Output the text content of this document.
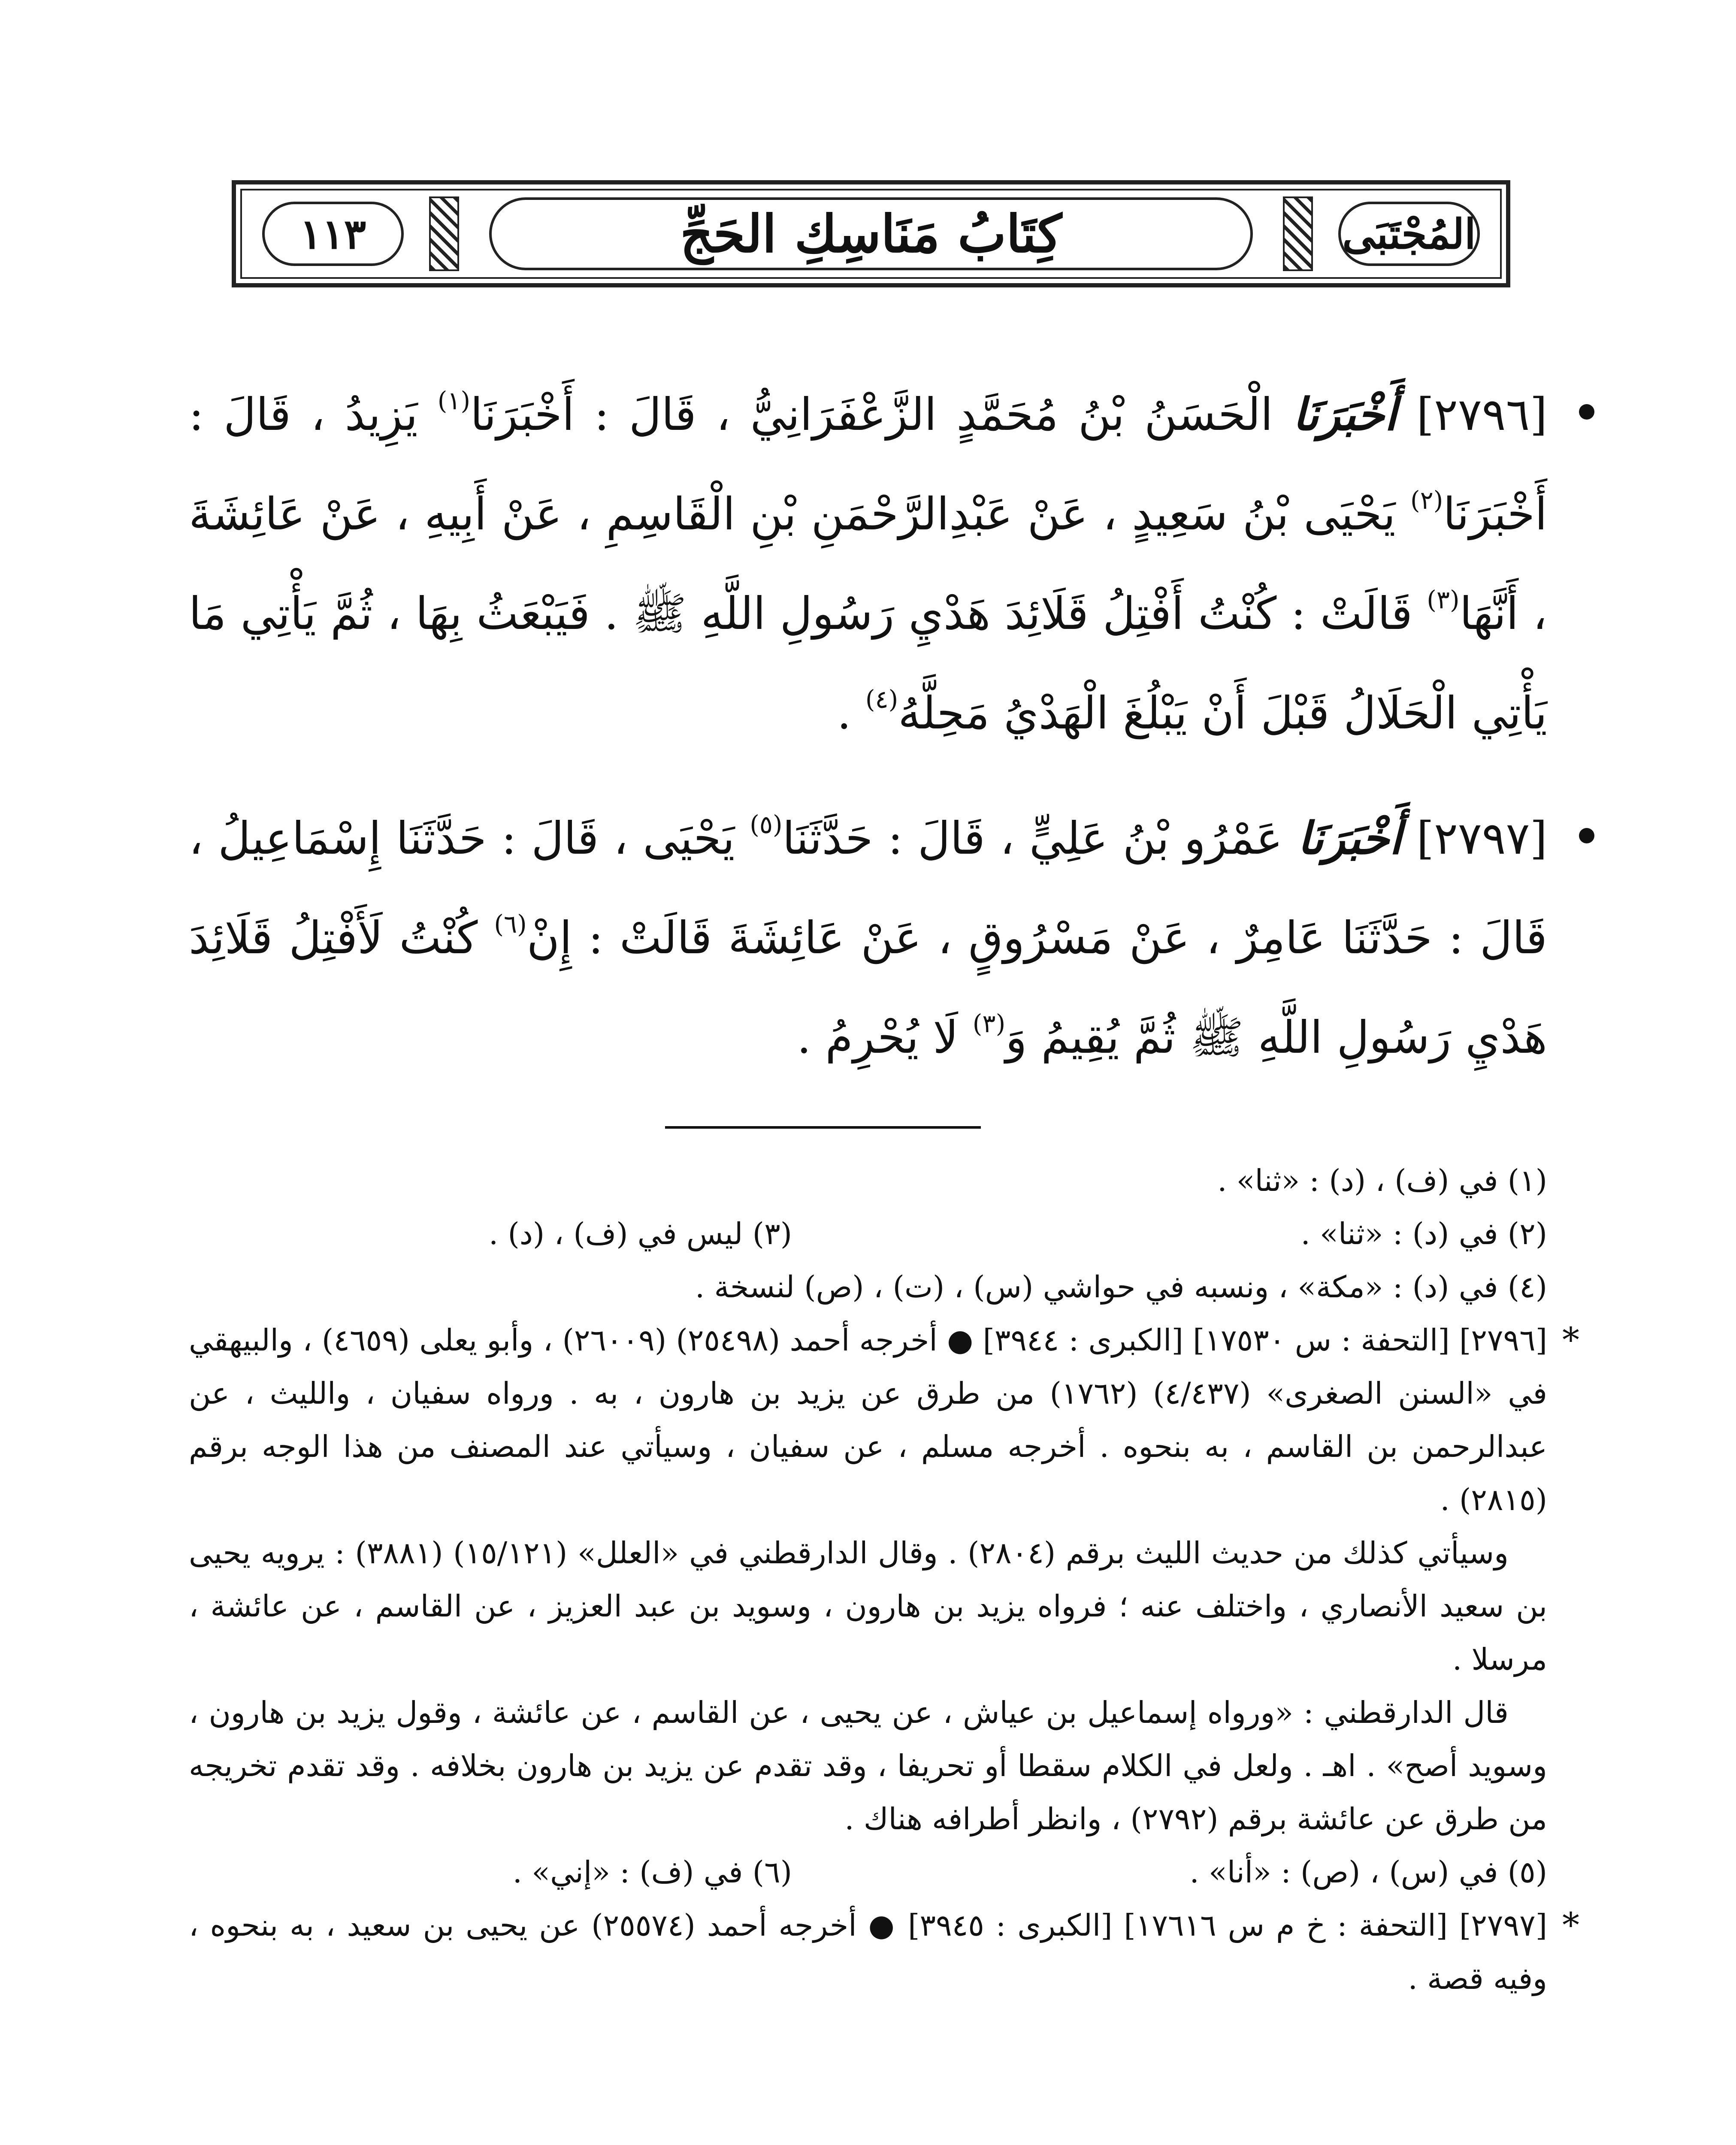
المُجْتَبَى
كِتَابُ مَنَاسِكِ الحَجِّ
١١٣

[٢٧٩٦] أَخْبَرَنَا الْحَسَنُ بْنُ مُحَمَّدٍ الزَّعْفَرَانِيُّ ، قَالَ : أَخْبَرَنَا$^{(١)}$ يَزِيدُ ، قَالَ : أَخْبَرَنَا$^{(٢)}$ يَحْيَى بْنُ سَعِيدٍ ، عَنْ عَبْدِالرَّحْمَنِ بْنِ الْقَاسِمِ ، عَنْ أَبِيهِ ، عَنْ عَائِشَةَ ، أَنَّهَا$^{(٣)}$ قَالَتْ : كُنْتُ أَفْتِلُ قَلَائِدَ هَدْيِ رَسُولِ اللَّهِ ﷺ . فَيَبْعَثُ بِهَا ، ثُمَّ يَأْتِي مَا يَأْتِي الْحَلَالُ قَبْلَ أَنْ يَبْلُغَ الْهَدْيُ مَحِلَّهُ$^{(٤)}$ .

[٢٧٩٧] أَخْبَرَنَا عَمْرُو بْنُ عَلِيٍّ ، قَالَ : حَدَّثَنَا$^{(٥)}$ يَحْيَى ، قَالَ : حَدَّثَنَا إِسْمَاعِيلُ ، قَالَ : حَدَّثَنَا عَامِرٌ ، عَنْ مَسْرُوقٍ ، عَنْ عَائِشَةَ قَالَتْ : إِنْ$^{(٦)}$ كُنْتُ لَأَفْتِلُ قَلَائِدَ هَدْيِ رَسُولِ اللَّهِ ﷺ ثُمَّ يُقِيمُ وَ$^{(٣)}$ لَا يُحْرِمُ .

(١) في (ف) ، (د) : «ثنا» .
(٢) في (د) : «ثنا» .
(٣) ليس في (ف) ، (د) .
(٤) في (د) : «مكة» ، ونسبه في حواشي (س) ، (ت) ، (ص) لنسخة .
*
[٢٧٩٦] [التحفة : س ١٧٥٣٠] [الكبرى : ٣٩٤٤] ● أخرجه أحمد (٢٥٤٩٨) (٢٦٠٠٩) ، وأبو يعلى (٤٦٥٩) ، والبيهقي في «السنن الصغرى» (٤/٤٣٧) (١٧٦٢) من طرق عن يزيد بن هارون ، به . ورواه سفيان ، والليث ، عن عبدالرحمن بن القاسم ، به بنحوه . أخرجه مسلم ، عن سفيان ، وسيأتي عند المصنف من هذا الوجه برقم (٢٨١٥) .
وسيأتي كذلك من حديث الليث برقم (٢٨٠٤) . وقال الدارقطني في «العلل» (١٥/١٢١) (٣٨٨١) : يرويه يحيى بن سعيد الأنصاري ، واختلف عنه ؛ فرواه يزيد بن هارون ، وسويد بن عبد العزيز ، عن القاسم ، عن عائشة ، مرسلا .
قال الدارقطني : «ورواه إسماعيل بن عياش ، عن يحيى ، عن القاسم ، عن عائشة ، وقول يزيد بن هارون ، وسويد أصح» . اهـ . ولعل في الكلام سقطا أو تحريفا ، وقد تقدم عن يزيد بن هارون بخلافه . وقد تقدم تخريجه من طرق عن عائشة برقم (٢٧٩٢) ، وانظر أطرافه هناك .
(٥) في (س) ، (ص) : «أنا» .
(٦) في (ف) : «إني» .
*
[٢٧٩٧] [التحفة : خ م س ١٧٦١٦] [الكبرى : ٣٩٤٥] ● أخرجه أحمد (٢٥٥٧٤) عن يحيى بن سعيد ، به بنحوه ، وفيه قصة .
